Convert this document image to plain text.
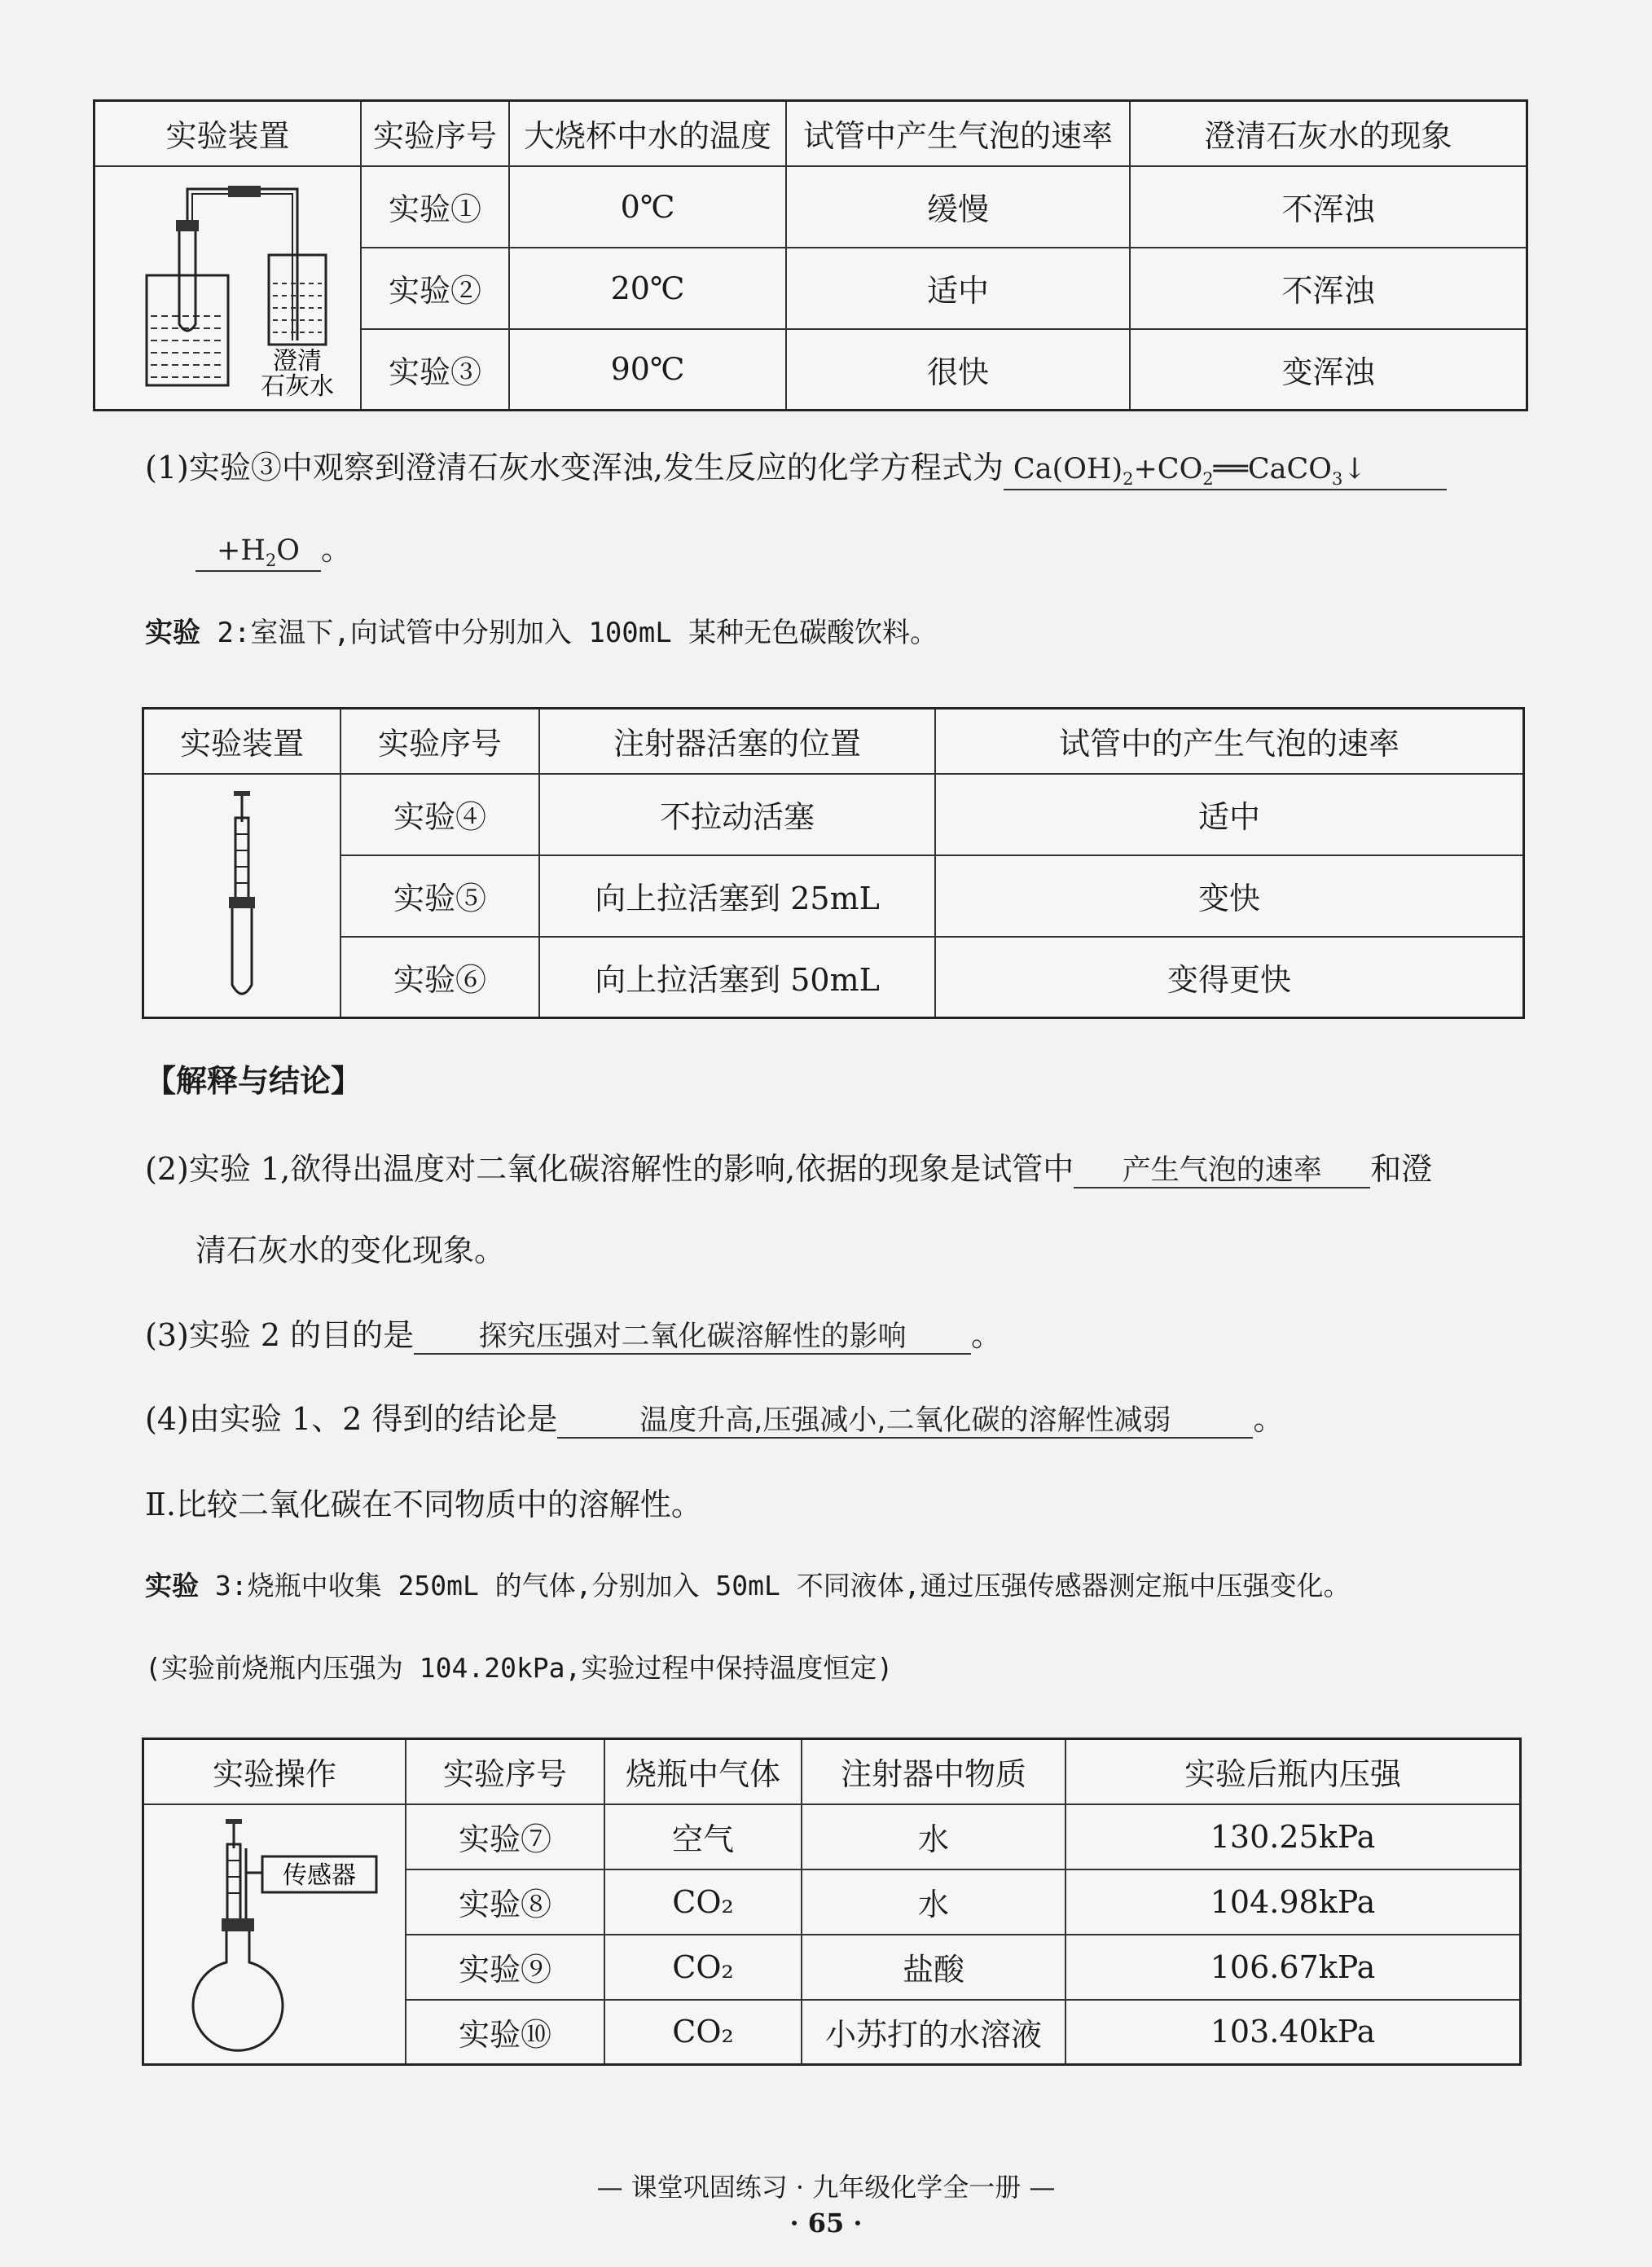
实验装置	实验序号	大烧杯中水的温度	试管中产生气泡的速率	澄清石灰水的现象

澄清
石灰水	实验①	0℃	缓慢	不浑浊
	实验②	20℃	适中	不浑浊
	实验③	90℃	很快	变浑浊
(1)实验③中观察到澄清石灰水变浑浊,发生反应的化学方程式为 $Ca(OH)_2+CO_2══CaCO_3↓$
$+H_2O$ 。
实验 2:室温下,向试管中分别加入 100mL 某种无色碳酸饮料。
实验装置	实验序号	注射器活塞的位置	试管中的产生气泡的速率

	实验④	不拉动活塞	适中
	实验⑤	向上拉活塞到 25mL	变快
	实验⑥	向上拉活塞到 50mL	变得更快
【解释与结论】
(2)实验 1,欲得出温度对二氧化碳溶解性的影响,依据的现象是试管中 产生气泡的速率 和澄
清石灰水的变化现象。
(3)实验 2 的目的是 探究压强对二氧化碳溶解性的影响 。
(4)由实验 1、2 得到的结论是	温度升高,压强减小,二氧化碳的溶解性减弱	。
Ⅱ.比较二氧化碳在不同物质中的溶解性。
实验 3:烧瓶中收集 250mL 的气体,分别加入 50mL 不同液体,通过压强传感器测定瓶中压强变化。
(实验前烧瓶内压强为 104.20kPa,实验过程中保持温度恒定)
实验操作	实验序号	烧瓶中气体	注射器中物质	实验后瓶内压强

传感器	实验⑦	空气	水	130.25kPa
	实验⑧	CO₂	水	104.98kPa
	实验⑨	CO₂	盐酸	106.67kPa
	实验⑩	CO₂	小苏打的水溶液	103.40kPa
— 课堂巩固练习 · 九年级化学全一册 —
· 65 ·
